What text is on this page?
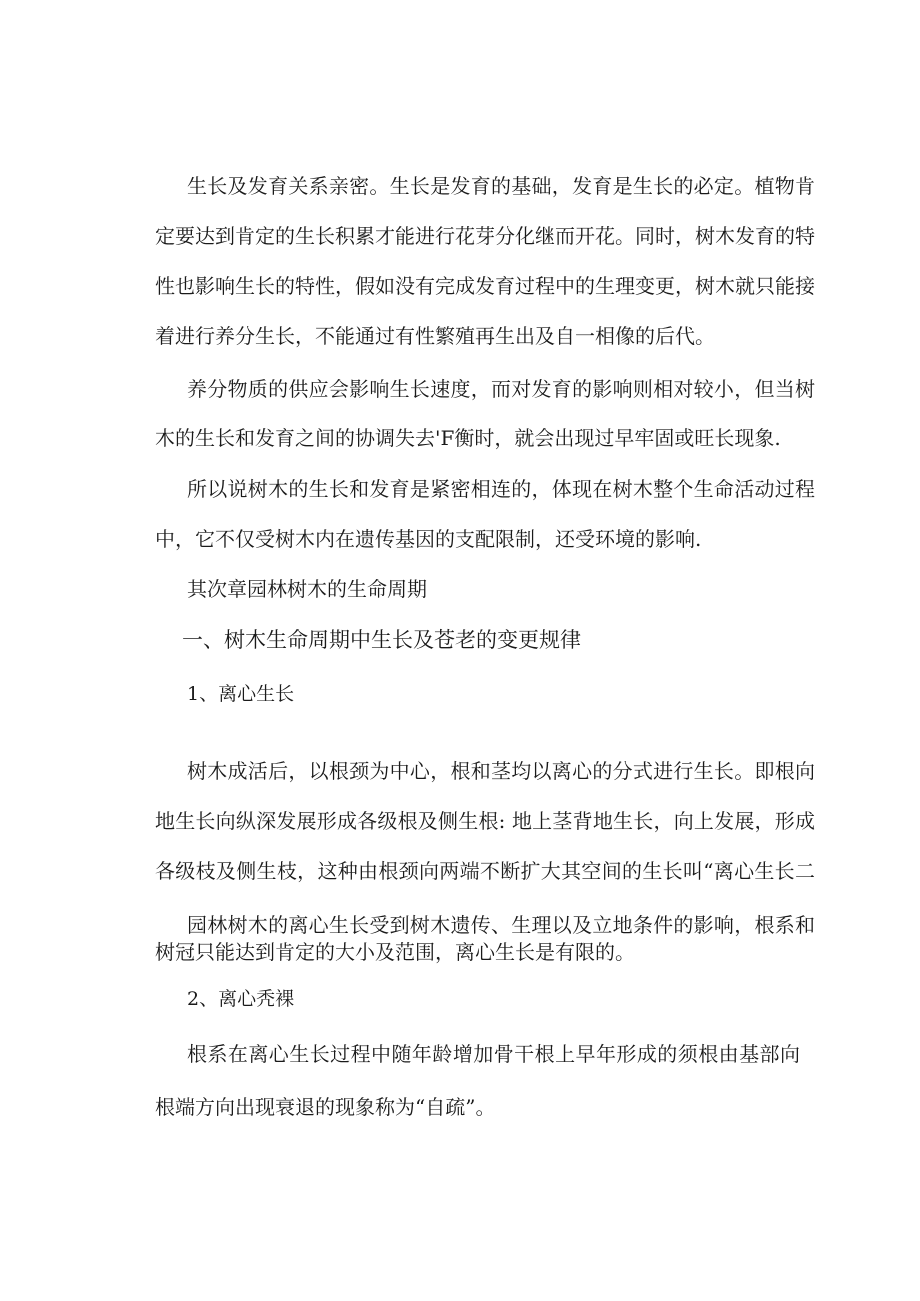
生长及发育关系亲密。生长是发育的基础，发育是生长的必定。植物肯
定要达到肯定的生长积累才能进行花芽分化继而开花。同时，树木发育的特
性也影响生长的特性，假如没有完成发育过程中的生理变更，树木就只能接
着进行养分生长，不能通过有性繁殖再生出及自一相像的后代。
养分物质的供应会影响生长速度，而对发育的影响则相对较小，但当树
木的生长和发育之间的协调失去'F衡时，就会出现过早牢固或旺长现象.
所以说树木的生长和发育是紧密相连的，体现在树木整个生命活动过程
中，它不仅受树木内在遗传基因的支配限制，还受环境的影响.
其次章园林树木的生命周期
一、树木生命周期中生长及苍老的变更规律
1、离心生长
树木成活后，以根颈为中心，根和茎均以离心的分式进行生长。即根向
地生长向纵深发展形成各级根及侧生根: 地上茎背地生长，向上发展，形成
各级枝及侧生枝，这种由根颈向两端不断扩大其空间的生长叫“离心生长二
园林树木的离心生长受到树木遗传、生理以及立地条件的影响，根系和
树冠只能达到肯定的大小及范围，离心生长是有限的。
2、离心秃裸
根系在离心生长过程中随年龄增加骨干根上早年形成的须根由基部向
根端方向出现衰退的现象称为“自疏”。
